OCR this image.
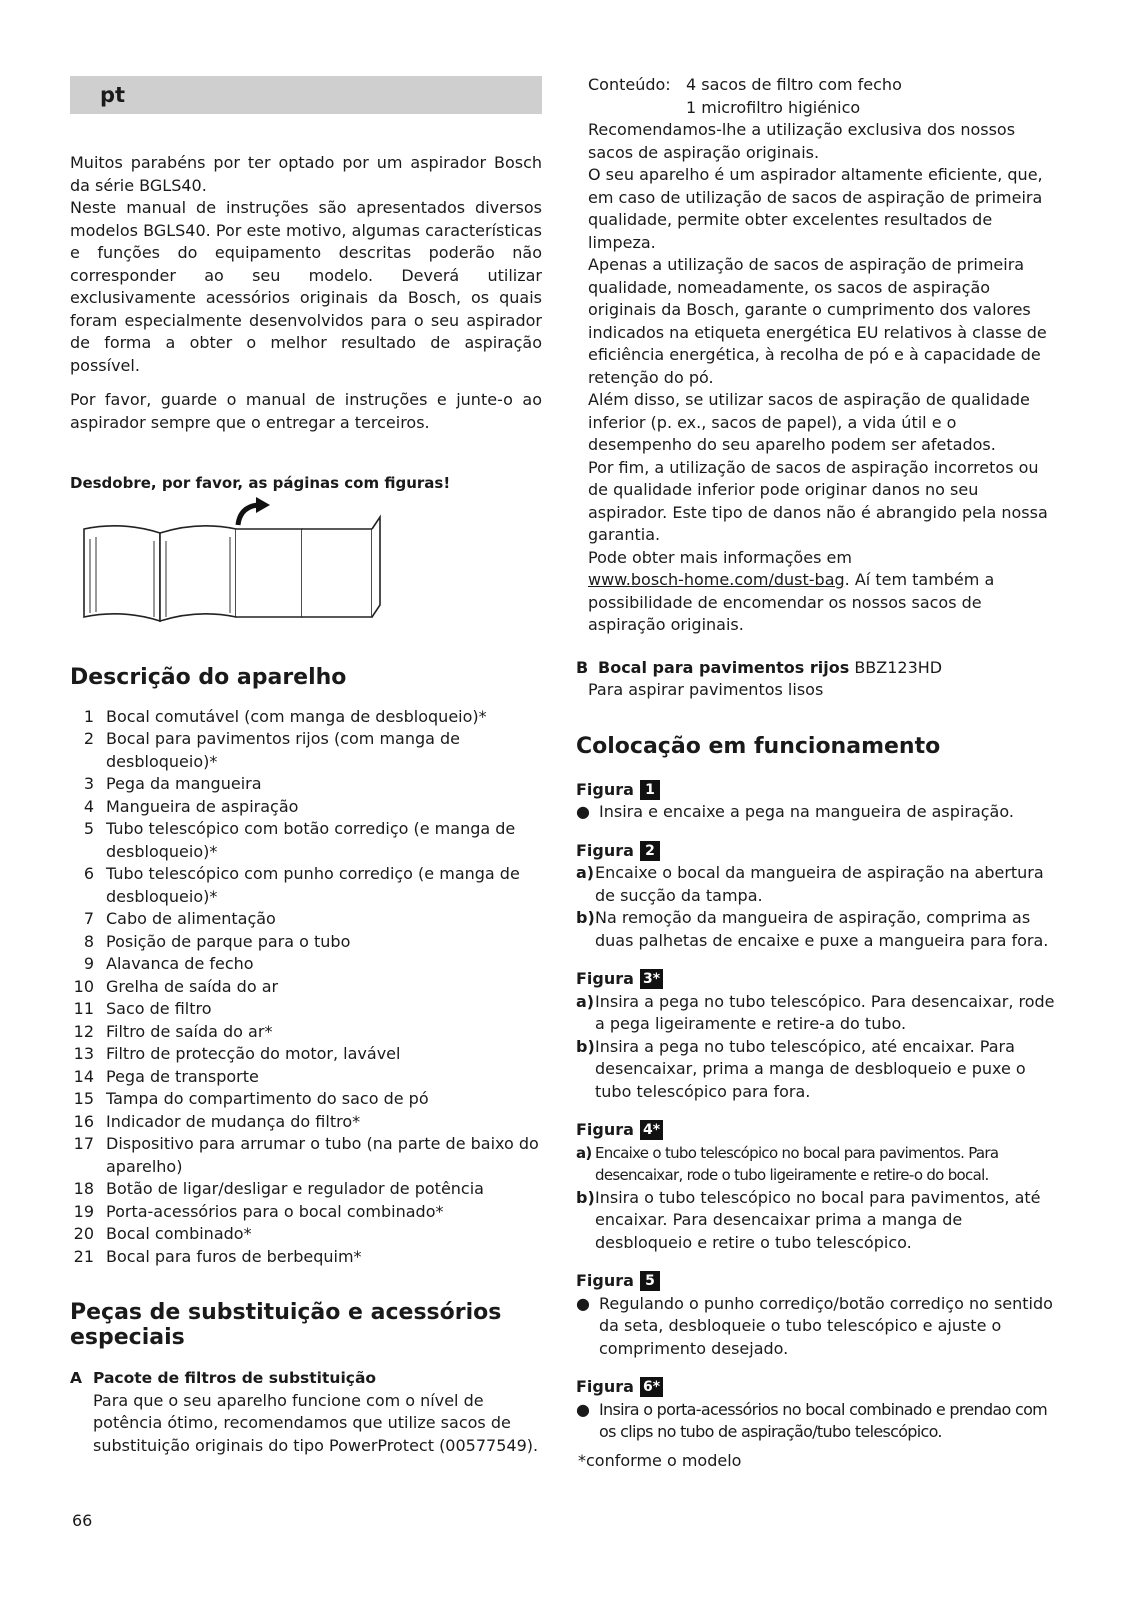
pt

Muitos parabéns por ter optado por um aspirador Bosch da série BGLS40.

Neste manual de instruções são apresentados diversos modelos BGLS40. Por este motivo, algumas características e funções do equipamento descritas poderão não corresponder ao seu modelo. Deverá utilizar exclusivamente acessórios originais da Bosch, os quais foram especialmente desenvolvidos para o seu aspirador de forma a obter o melhor resultado de aspiração possível.

Por favor, guarde o manual de instruções e junte-o ao aspirador sempre que o entregar a terceiros.

Desdobre, por favor, as páginas com figuras!

Descrição do aparelho
1 Bocal comutável (com manga de desbloqueio)*
2 Bocal para pavimentos rijos (com manga de desbloqueio)*
3 Pega da mangueira
4 Mangueira de aspiração
5 Tubo telescópico com botão corrediço (e manga de desbloqueio)*
6 Tubo telescópico com punho corrediço (e manga de desbloqueio)*
7 Cabo de alimentação
8 Posição de parque para o tubo
9 Alavanca de fecho
10 Grelha de saída do ar
11 Saco de filtro
12 Filtro de saída do ar*
13 Filtro de protecção do motor, lavável
14 Pega de transporte
15 Tampa do compartimento do saco de pó
16 Indicador de mudança do filtro*
17 Dispositivo para arrumar o tubo (na parte de baixo do aparelho)
18 Botão de ligar/desligar e regulador de potência
19 Porta-acessórios para o bocal combinado*
20 Bocal combinado*
21 Bocal para furos de berbequim*
Peças de substituição e acessórios especiais
A Pacote de filtros de substituição

Para que o seu aparelho funcione com o nível de potência ótimo, recomendamos que utilize sacos de substituição originais do tipo PowerProtect (00577549).

Conteúdo: 4 sacos de filtro com fecho
1 microfiltro higiénico

Recomendamos-lhe a utilização exclusiva dos nossos sacos de aspiração originais.

O seu aparelho é um aspirador altamente eficiente, que, em caso de utilização de sacos de aspiração de primeira qualidade, permite obter excelentes resultados de limpeza.

Apenas a utilização de sacos de aspiração de primeira qualidade, nomeadamente, os sacos de aspiração originais da Bosch, garante o cumprimento dos valores indicados na etiqueta energética EU relativos à classe de eficiência energética, à recolha de pó e à capacidade de retenção do pó.

Além disso, se utilizar sacos de aspiração de qualidade inferior (p. ex., sacos de papel), a vida útil e o desempenho do seu aparelho podem ser afetados.

Por fim, a utilização de sacos de aspiração incorretos ou de qualidade inferior pode originar danos no seu aspirador. Este tipo de danos não é abrangido pela nossa garantia.

Pode obter mais informações em
www.bosch-home.com/dust-bag. Aí tem também a possibilidade de encomendar os nossos sacos de aspiração originais.

B Bocal para pavimentos rijos BBZ123HD

Para aspirar pavimentos lisos

Colocação em funcionamento
Figura 1
● Insira e encaixe a pega na mangueira de aspiração.
Figura 2
a) Encaixe o bocal da mangueira de aspiração na abertura de sucção da tampa.
b) Na remoção da mangueira de aspiração, comprima as duas palhetas de encaixe e puxe a mangueira para fora.
Figura 3*
a) Insira a pega no tubo telescópico. Para desencaixar, rode a pega ligeiramente e retire-a do tubo.
b) Insira a pega no tubo telescópico, até encaixar. Para desencaixar, prima a manga de desbloqueio e puxe o tubo telescópico para fora.
Figura 4*
a) Encaixe o tubo telescópico no bocal para pavimentos. Para desencaixar, rode o tubo ligeiramente e retire-o do bocal.
b) Insira o tubo telescópico no bocal para pavimentos, até encaixar. Para desencaixar prima a manga de desbloqueio e retire o tubo telescópico.
Figura 5
● Regulando o punho corrediço/botão corrediço no sentido da seta, desbloqueie o tubo telescópico e ajuste o comprimento desejado.
Figura 6*
● Insira o porta-acessórios no bocal combinado e prendao com os clips no tubo de aspiração/tubo telescópico.

*conforme o modelo

66
